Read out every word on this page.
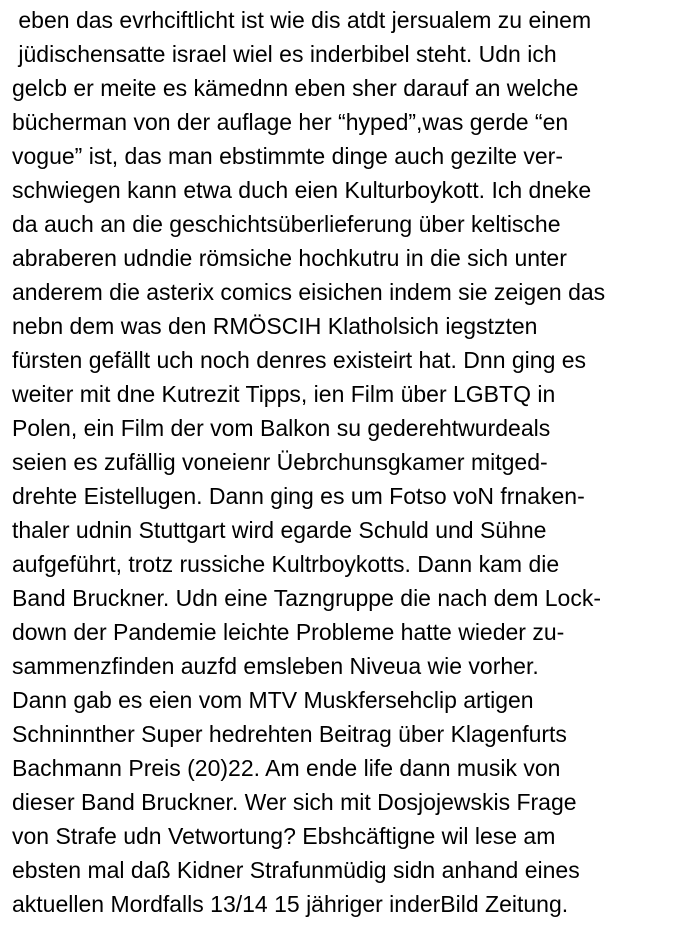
eben das evrhciftlicht ist wie dis atdt jersualem zu einem
jüdischensatte israel wiel es inderbibel steht. Udn ich
gelcb er meite es kämednn eben sher darauf an welche
bücherman von der auflage her “hyped”,was gerde “en
vogue” ist, das man ebstimmte dinge auch gezilte ver-
schwiegen kann etwa duch eien Kulturboykott. Ich dneke
da auch an die geschichtsüberlieferung über keltische
abraberen udndie römsiche hochkutru in die sich unter
anderem die asterix comics eisichen indem sie zeigen das
nebn dem was den RMÖSCIH Klatholsich iegstzten
fürsten gefällt uch noch denres existeirt hat. Dnn ging es
weiter mit dne Kutrezit Tipps, ien Film über LGBTQ in
Polen, ein Film der vom Balkon su gederehtwurdeals
seien es zufällig voneienr Üebrchunsgkamer mitged-
drehte Eistellugen. Dann ging es um Fotso voN frnaken-
thaler udnin Stuttgart wird egarde Schuld und Sühne
aufgeführt, trotz russiche Kultrboykotts. Dann kam die
Band Bruckner. Udn eine Tazngruppe die nach dem Lock-
down der Pandemie leichte Probleme hatte wieder zu-
sammenzfinden auzfd emsleben Niveua wie vorher.
Dann gab es eien vom MTV Muskfersehclip artigen
Schninnther Super hedrehten Beitrag über Klagenfurts
Bachmann Preis (20)22. Am ende life dann musik von
dieser Band Bruckner. Wer sich mit Dosjojewskis Frage
von Strafe udn Vetwortung? Ebshcäftigne wil lese am
ebsten mal daß Kidner Strafunmüdig sidn anhand eines
aktuellen Mordfalls 13/14 15 jähriger inderBild Zeitung.
